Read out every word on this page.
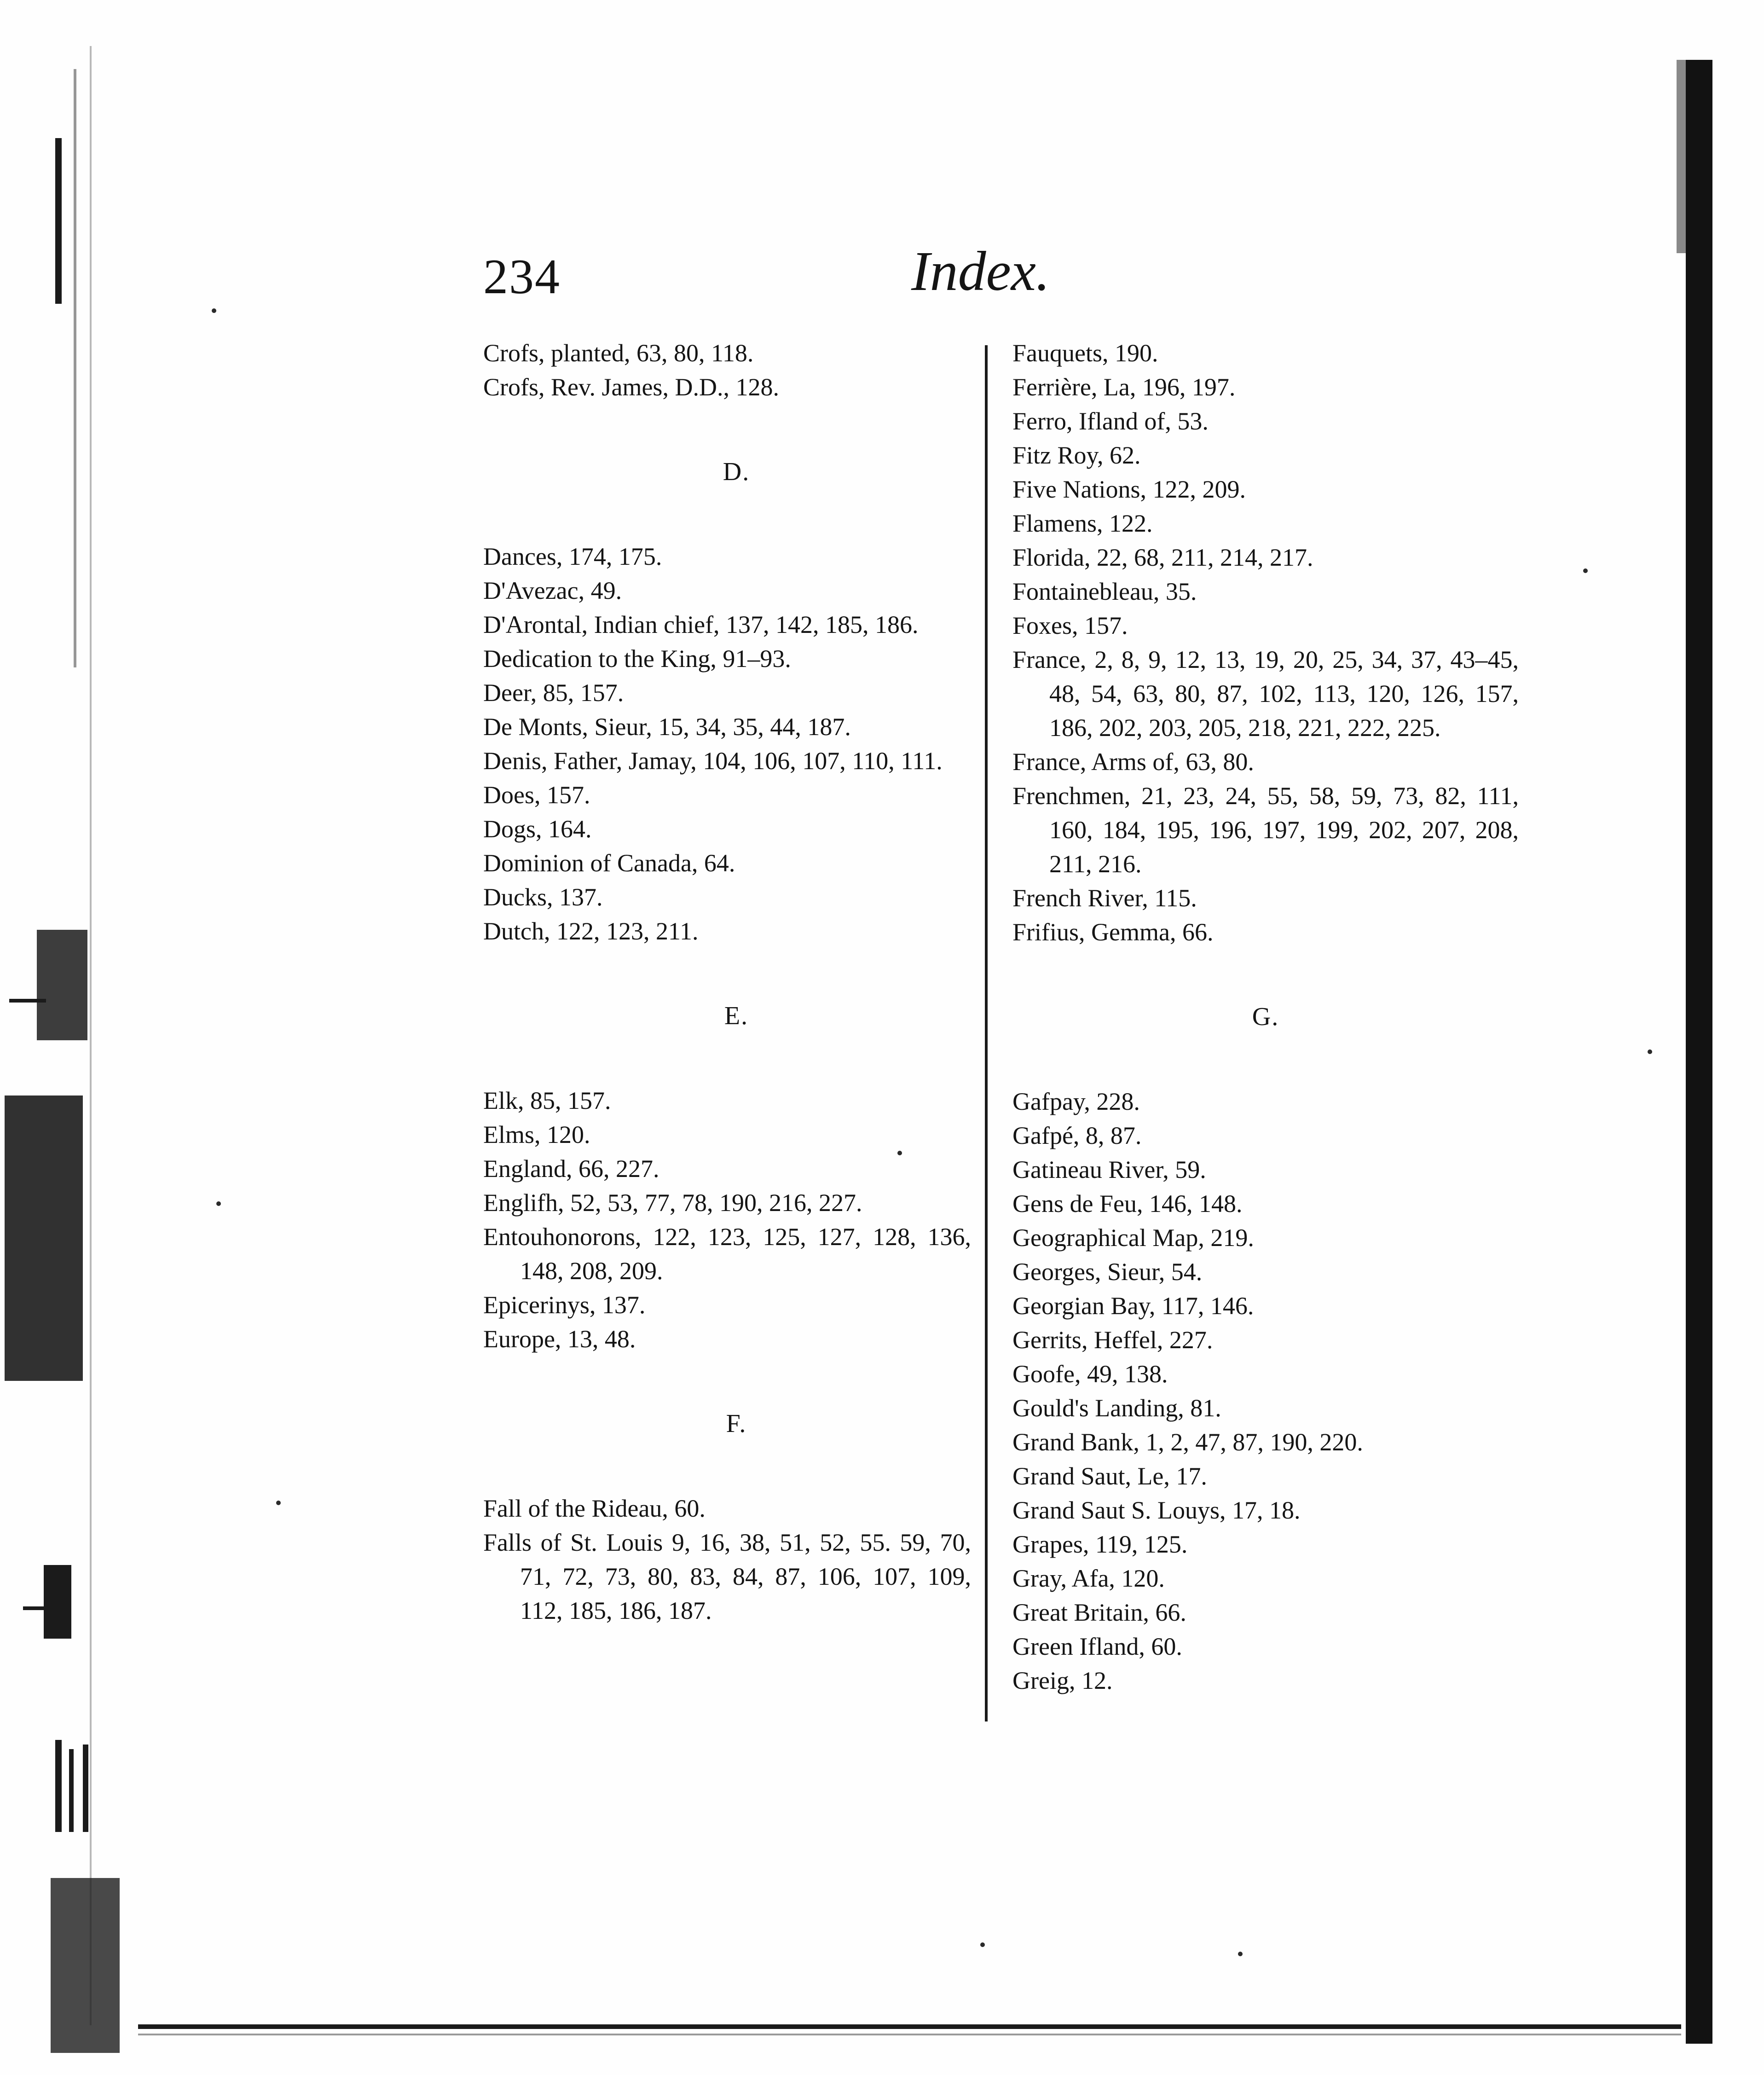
234	Index.
Crofs, planted, 63, 80, 118.
Crofs, Rev. James, D.D., 128.
D.
Dances, 174, 175.
D'Avezac, 49.
D'Arontal, Indian chief, 137, 142, 185, 186.
Dedication to the King, 91–93.
Deer, 85, 157.
De Monts, Sieur, 15, 34, 35, 44, 187.
Denis, Father, Jamay, 104, 106, 107, 110, 111.
Does, 157.
Dogs, 164.
Dominion of Canada, 64.
Ducks, 137.
Dutch, 122, 123, 211.
E.
Elk, 85, 157.
Elms, 120.
England, 66, 227.
Englifh, 52, 53, 77, 78, 190, 216, 227.
Entouhonorons, 122, 123, 125, 127, 128, 136, 148, 208, 209.
Epicerinys, 137.
Europe, 13, 48.
F.
Fall of the Rideau, 60.
Falls of St. Louis 9, 16, 38, 51, 52, 55. 59, 70, 71, 72, 73, 80, 83, 84, 87, 106, 107, 109, 112, 185, 186, 187.
Fauquets, 190.
Ferrière, La, 196, 197.
Ferro, Ifland of, 53.
Fitz Roy, 62.
Five Nations, 122, 209.
Flamens, 122.
Florida, 22, 68, 211, 214, 217.
Fontainebleau, 35.
Foxes, 157.
France, 2, 8, 9, 12, 13, 19, 20, 25, 34, 37, 43–45, 48, 54, 63, 80, 87, 102, 113, 120, 126, 157, 186, 202, 203, 205, 218, 221, 222, 225.
France, Arms of, 63, 80.
Frenchmen, 21, 23, 24, 55, 58, 59, 73, 82, 111, 160, 184, 195, 196, 197, 199, 202, 207, 208, 211, 216.
French River, 115.
Frifius, Gemma, 66.
G.
Gafpay, 228.
Gafpé, 8, 87.
Gatineau River, 59.
Gens de Feu, 146, 148.
Geographical Map, 219.
Georges, Sieur, 54.
Georgian Bay, 117, 146.
Gerrits, Heffel, 227.
Goofe, 49, 138.
Gould's Landing, 81.
Grand Bank, 1, 2, 47, 87, 190, 220.
Grand Saut, Le, 17.
Grand Saut S. Louys, 17, 18.
Grapes, 119, 125.
Gray, Afa, 120.
Great Britain, 66.
Green Ifland, 60.
Greig, 12.
